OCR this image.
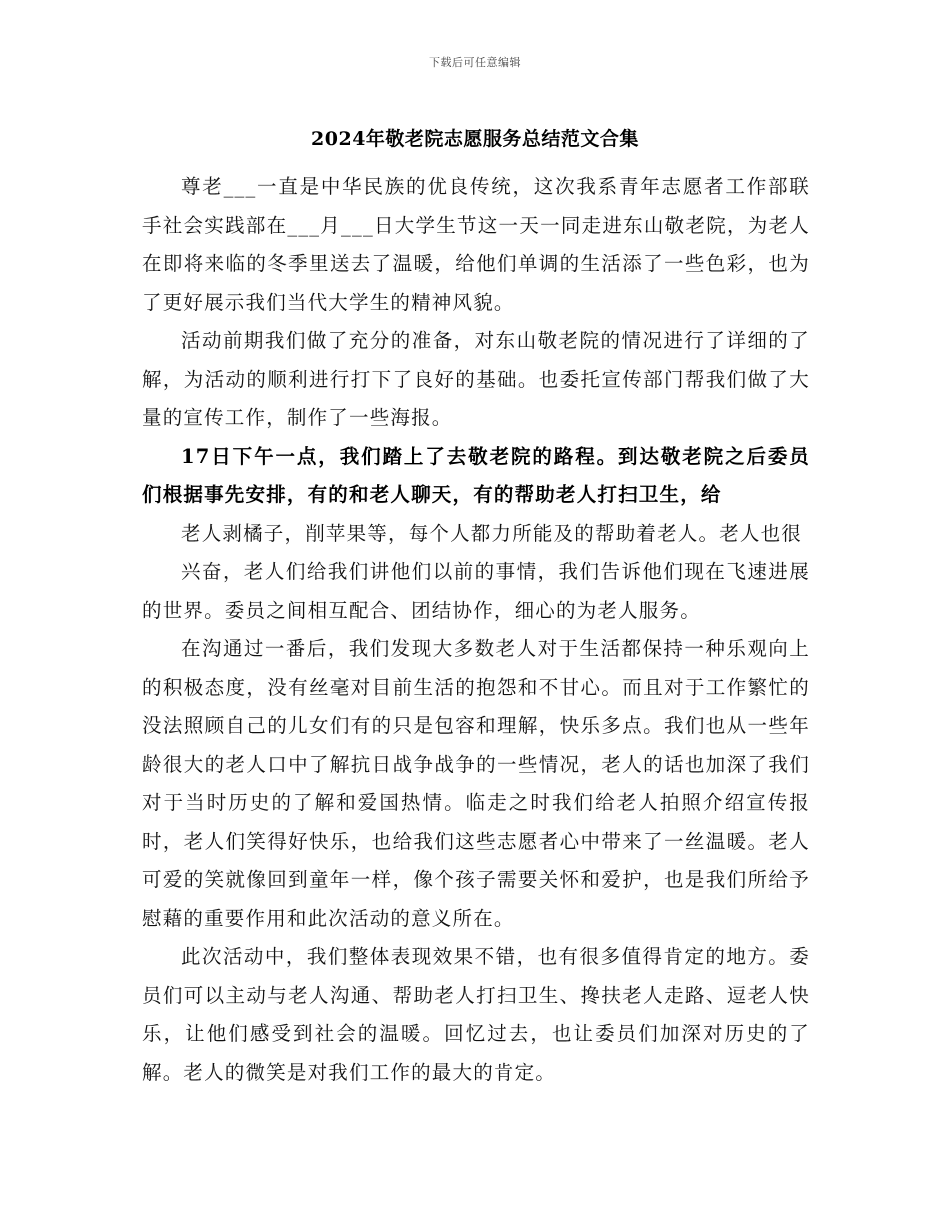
下载后可任意编辑
2024年敬老院志愿服务总结范文合集

尊老___一直是中华民族的优良传统，这次我系青年志愿者工作部联手社会实践部在___月___日大学生节这一天一同走进东山敬老院，为老人在即将来临的冬季里送去了温暖，给他们单调的生活添了一些色彩，也为了更好展示我们当代大学生的精神风貌。

活动前期我们做了充分的准备，对东山敬老院的情况进行了详细的了解，为活动的顺利进行打下了良好的基础。也委托宣传部门帮我们做了大量的宣传工作，制作了一些海报。

17日下午一点，我们踏上了去敬老院的路程。到达敬老院之后委员们根据事先安排，有的和老人聊天，有的帮助老人打扫卫生，给

老人剥橘子，削苹果等，每个人都力所能及的帮助着老人。老人也很

兴奋，老人们给我们讲他们以前的事情，我们告诉他们现在飞速进展的世界。委员之间相互配合、团结协作，细心的为老人服务。

在沟通过一番后，我们发现大多数老人对于生活都保持一种乐观向上的积极态度，没有丝毫对目前生活的抱怨和不甘心。而且对于工作繁忙的没法照顾自己的儿女们有的只是包容和理解，快乐多点。我们也从一些年龄很大的老人口中了解抗日战争战争的一些情况，老人的话也加深了我们对于当时历史的了解和爱国热情。临走之时我们给老人拍照介绍宣传报时，老人们笑得好快乐，也给我们这些志愿者心中带来了一丝温暖。老人可爱的笑就像回到童年一样，像个孩子需要关怀和爱护，也是我们所给予慰藉的重要作用和此次活动的意义所在。

此次活动中，我们整体表现效果不错，也有很多值得肯定的地方。委员们可以主动与老人沟通、帮助老人打扫卫生、搀扶老人走路、逗老人快乐，让他们感受到社会的温暖。回忆过去，也让委员们加深对历史的了解。老人的微笑是对我们工作的最大的肯定。
